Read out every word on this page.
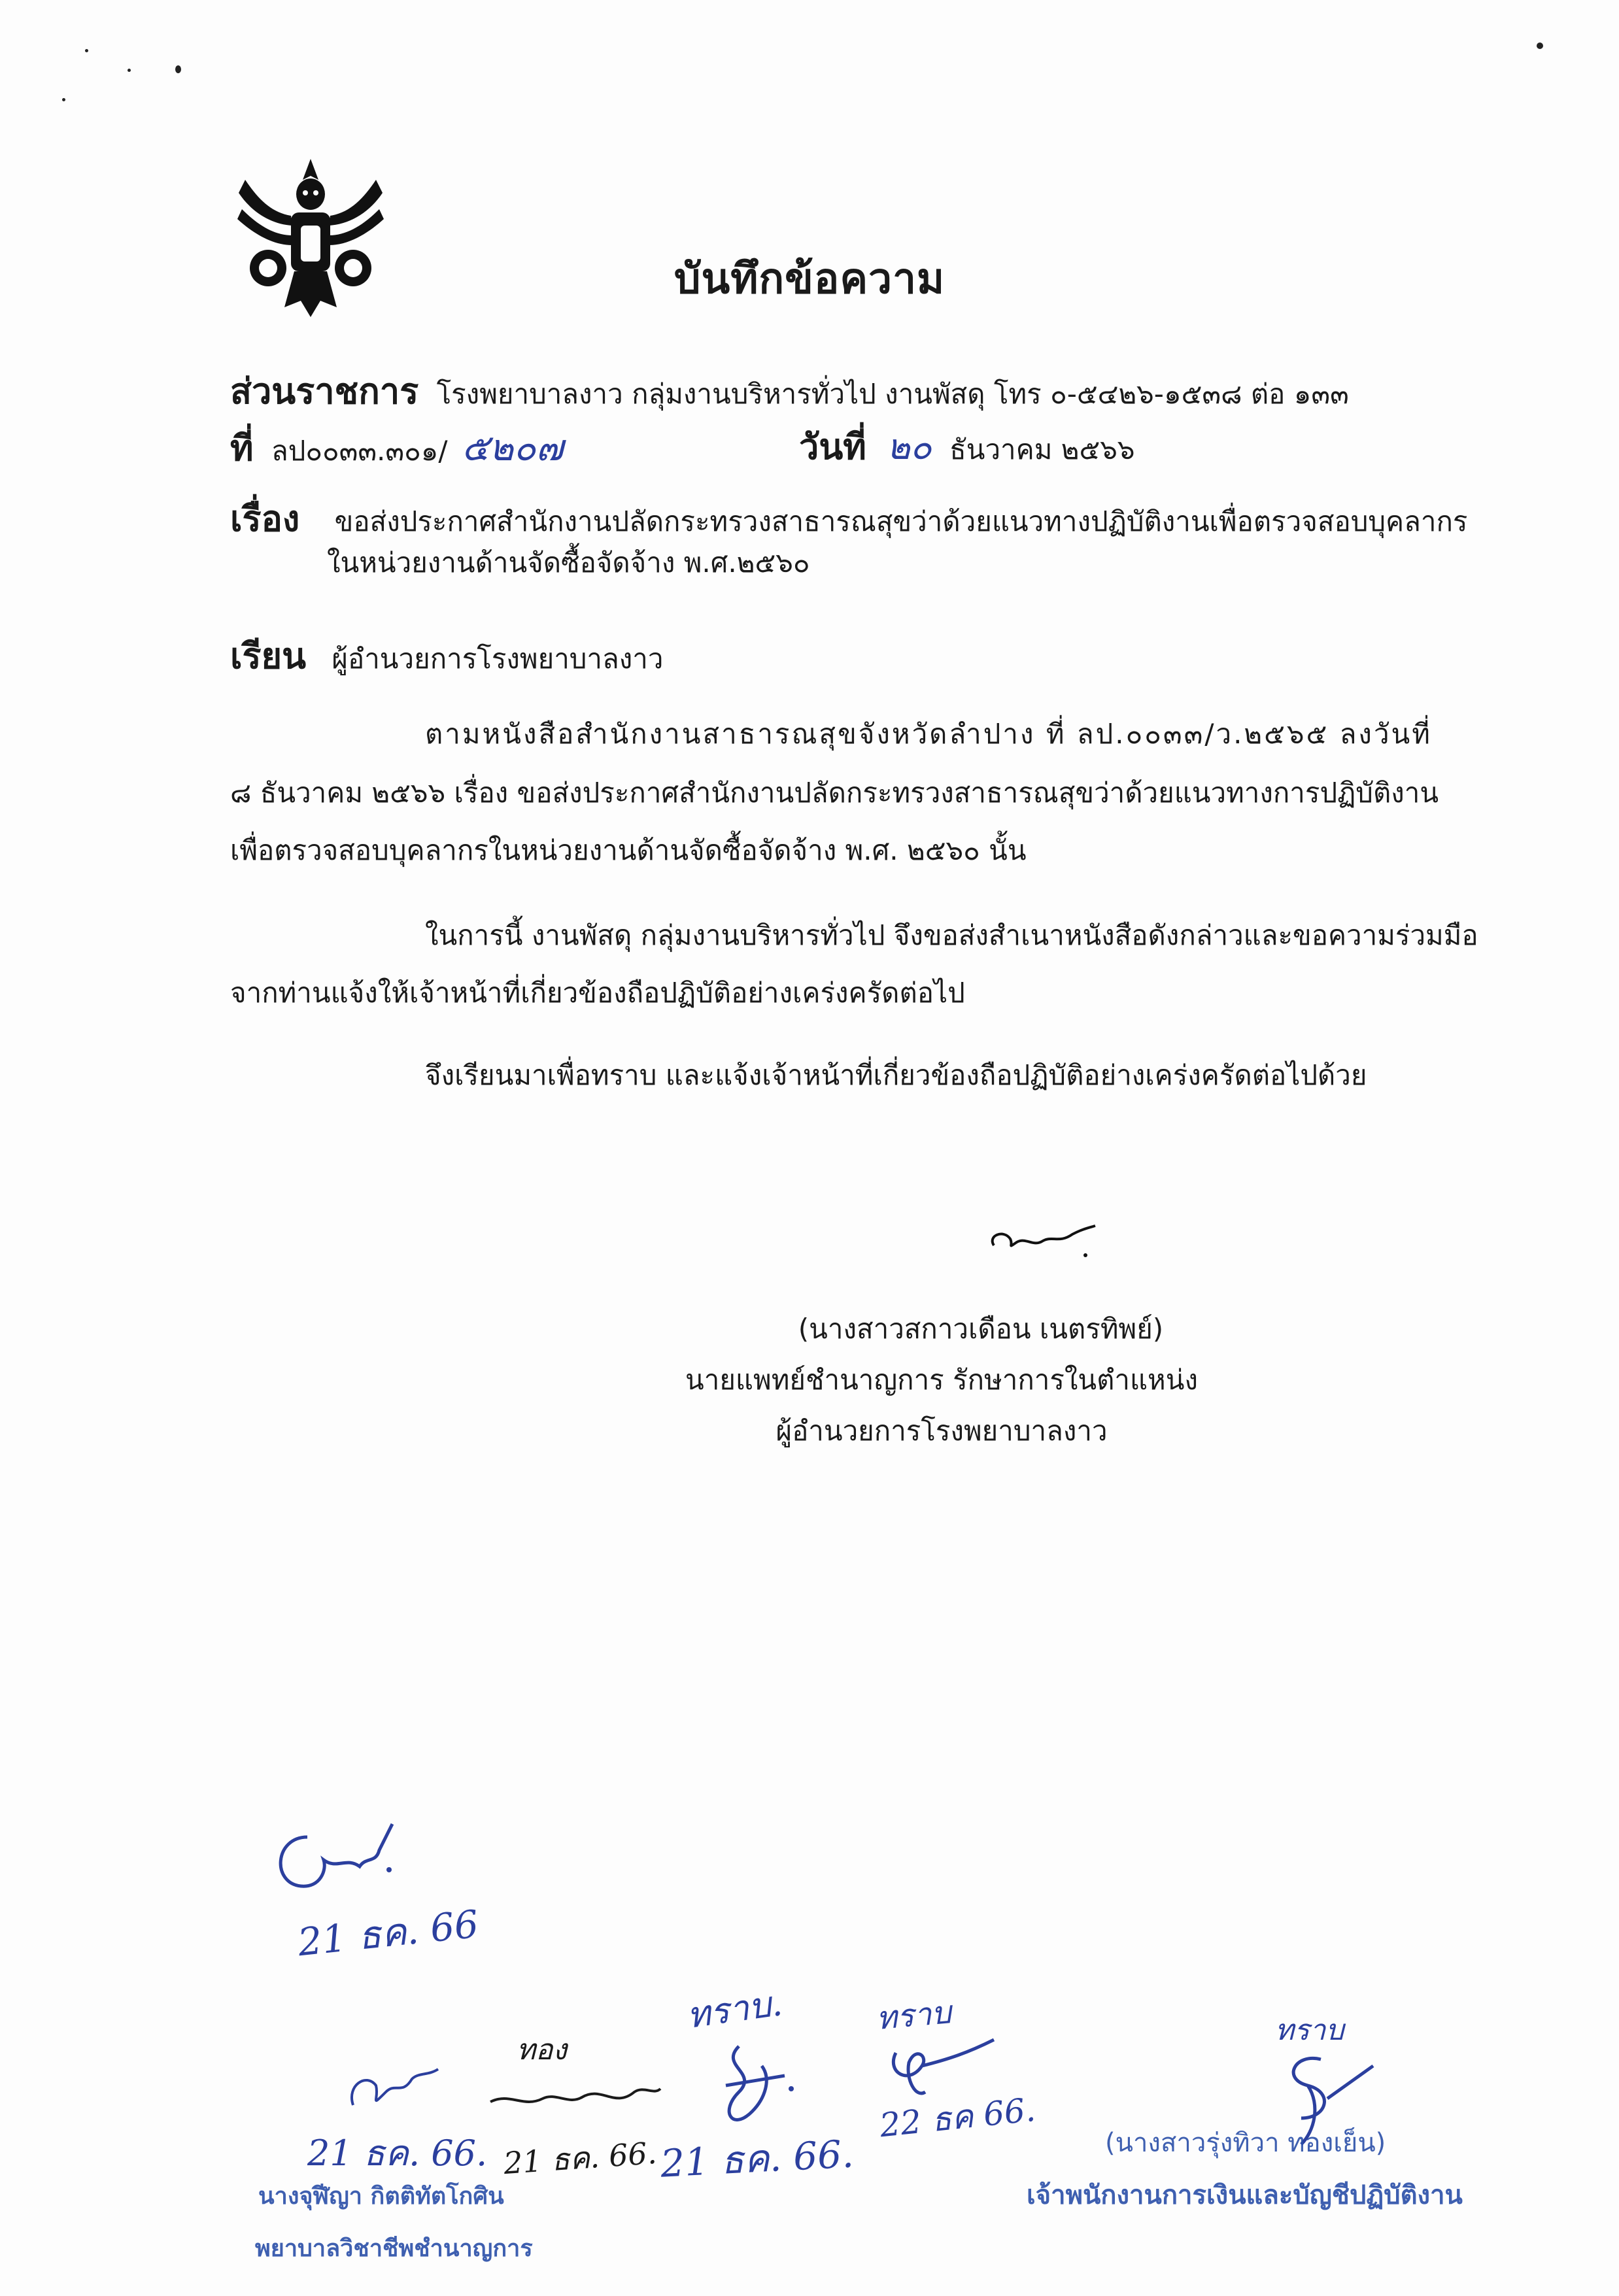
บันทึกข้อความ
ส่วนราชการ โรงพยาบาลงาว กลุ่มงานบริหารทั่วไป งานพัสดุ โทร ๐-๕๔๒๖-๑๕๓๘ ต่อ ๑๓๓
ที่ ลป๐๐๓๓.๓๐๑/ ๕๒๐๗	วันที่ ๒๐ ธันวาคม ๒๕๖๖
เรื่อง ขอส่งประกาศสำนักงานปลัดกระทรวงสาธารณสุขว่าด้วยแนวทางปฏิบัติงานเพื่อตรวจสอบบุคลากร
ในหน่วยงานด้านจัดซื้อจัดจ้าง พ.ศ.๒๕๖๐
เรียน ผู้อำนวยการโรงพยาบาลงาว
ตามหนังสือสำนักงานสาธารณสุขจังหวัดลำปาง ที่ ลป.๐๐๓๓/ว.๒๕๖๕ ลงวันที่
๘ ธันวาคม ๒๕๖๖ เรื่อง ขอส่งประกาศสำนักงานปลัดกระทรวงสาธารณสุขว่าด้วยแนวทางการปฏิบัติงาน
เพื่อตรวจสอบบุคลากรในหน่วยงานด้านจัดซื้อจัดจ้าง พ.ศ. ๒๕๖๐ นั้น
ในการนี้ งานพัสดุ กลุ่มงานบริหารทั่วไป จึงขอส่งสำเนาหนังสือดังกล่าวและขอความร่วมมือ
จากท่านแจ้งให้เจ้าหน้าที่เกี่ยวข้องถือปฏิบัติอย่างเคร่งครัดต่อไป
จึงเรียนมาเพื่อทราบ และแจ้งเจ้าหน้าที่เกี่ยวข้องถือปฏิบัติอย่างเคร่งครัดต่อไปด้วย
(นางสาวสกาวเดือน เนตรทิพย์)
นายแพทย์ชำนาญการ รักษาการในตำแหน่ง
ผู้อำนวยการโรงพยาบาลงาว
21 ธค. 66
21 ธค. 66.
ทอง
21 ธค. 66.
ทราบ.
21 ธค. 66.
ทราบ
22 ธค 66.
ทราบ
นางจุฬีญา กิตติทัตโกศิน
พยาบาลวิชาชีพชำนาญการ
(นางสาวรุ่งทิวา ทองเย็น)
เจ้าพนักงานการเงินและบัญชีปฏิบัติงาน
